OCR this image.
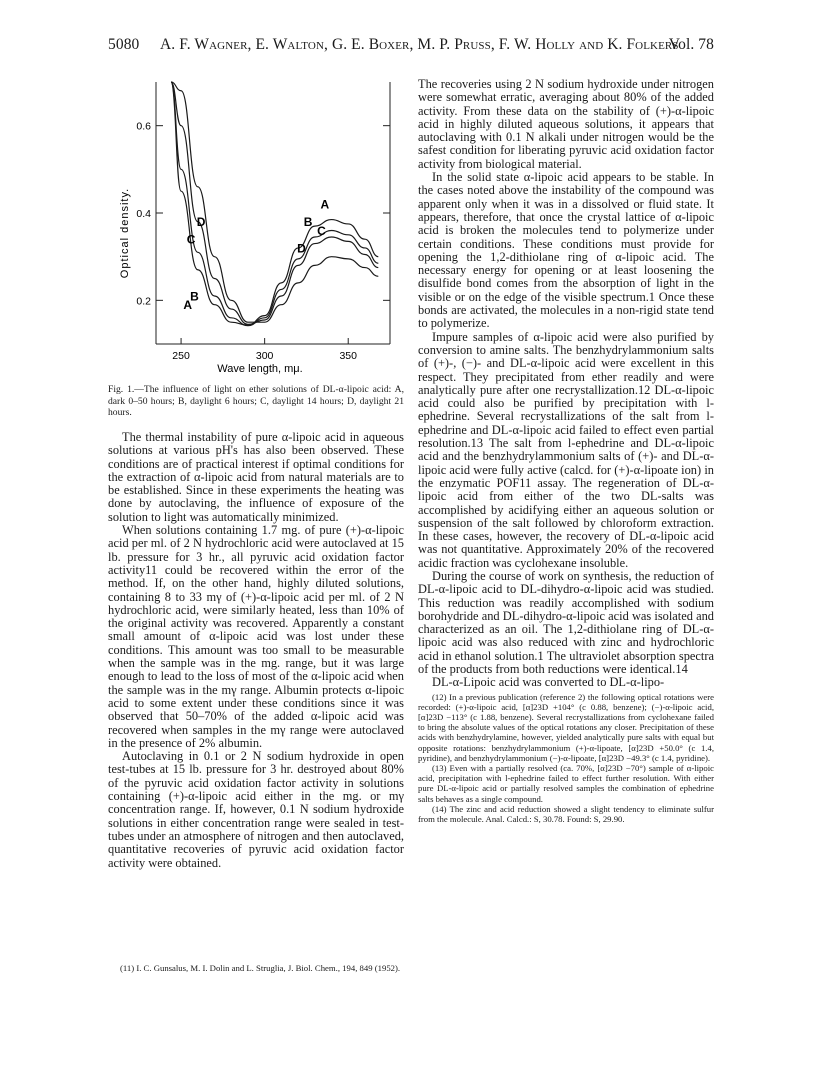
5080 A. F. Wagner, E. Walton, G. E. Boxer, M. P. Pruss, F. W. Holly and K. Folkers
Vol. 78
250	300	350
0.2
0.4
0.6
A
B
C
D
D
C
B
A
Optical density.
Wave length, mμ.
Fig. 1.—The influence of light on ether solutions of DL-α-lipoic acid: A, dark 0–50 hours; B, daylight 6 hours; C, daylight 14 hours; D, daylight 21 hours.

The thermal instability of pure α-lipoic acid in aqueous solutions at various pH's has also been observed. These conditions are of practical interest if optimal conditions for the extraction of α-lipoic acid from natural materials are to be established. Since in these experiments the heating was done by autoclaving, the influence of exposure of the solution to light was automatically minimized.

When solutions containing 1.7 mg. of pure (+)-α-lipoic acid per ml. of 2 N hydrochloric acid were autoclaved at 15 lb. pressure for 3 hr., all pyruvic acid oxidation factor activity11 could be recovered within the error of the method. If, on the other hand, highly diluted solutions, containing 8 to 33 mγ of (+)-α-lipoic acid per ml. of 2 N hydrochloric acid, were similarly heated, less than 10% of the original activity was recovered. Apparently a constant small amount of α-lipoic acid was lost under these conditions. This amount was too small to be measurable when the sample was in the mg. range, but it was large enough to lead to the loss of most of the α-lipoic acid when the sample was in the mγ range. Albumin protects α-lipoic acid to some extent under these conditions since it was observed that 50–70% of the added α-lipoic acid was recovered when samples in the mγ range were autoclaved in the presence of 2% albumin.

Autoclaving in 0.1 or 2 N sodium hydroxide in open test-tubes at 15 lb. pressure for 3 hr. destroyed about 80% of the pyruvic acid oxidation factor activity in solutions containing (+)-α-lipoic acid either in the mg. or mγ concentration range. If, however, 0.1 N sodium hydroxide solutions in either concentration range were sealed in test-tubes under an atmosphere of nitrogen and then autoclaved, quantitative recoveries of pyruvic acid oxidation factor activity were obtained.

(11) I. C. Gunsalus, M. I. Dolin and L. Struglia, J. Biol. Chem., 194, 849 (1952).

The recoveries using 2 N sodium hydroxide under nitrogen were somewhat erratic, averaging about 80% of the added activity. From these data on the stability of (+)-α-lipoic acid in highly diluted aqueous solutions, it appears that autoclaving with 0.1 N alkali under nitrogen would be the safest condition for liberating pyruvic acid oxidation factor activity from biological material.

In the solid state α-lipoic acid appears to be stable. In the cases noted above the instability of the compound was apparent only when it was in a dissolved or fluid state. It appears, therefore, that once the crystal lattice of α-lipoic acid is broken the molecules tend to polymerize under certain conditions. These conditions must provide for opening the 1,2-dithiolane ring of α-lipoic acid. The necessary energy for opening or at least loosening the disulfide bond comes from the absorption of light in the visible or on the edge of the visible spectrum.1 Once these bonds are activated, the molecules in a non-rigid state tend to polymerize.

Impure samples of α-lipoic acid were also purified by conversion to amine salts. The benzhydrylammonium salts of (+)-, (−)- and DL-α-lipoic acid were excellent in this respect. They precipitated from ether readily and were analytically pure after one recrystallization.12 DL-α-lipoic acid could also be purified by precipitation with l-ephedrine. Several recrystallizations of the salt from l-ephedrine and DL-α-lipoic acid failed to effect even partial resolution.13 The salt from l-ephedrine and DL-α-lipoic acid and the benzhydrylammonium salts of (+)- and DL-α-lipoic acid were fully active (calcd. for (+)-α-lipoate ion) in the enzymatic POF11 assay. The regeneration of DL-α-lipoic acid from either of the two DL-salts was accomplished by acidifying either an aqueous solution or suspension of the salt followed by chloroform extraction. In these cases, however, the recovery of DL-α-lipoic acid was not quantitative. Approximately 20% of the recovered acidic fraction was cyclohexane insoluble.

During the course of work on synthesis, the reduction of DL-α-lipoic acid to DL-dihydro-α-lipoic acid was studied. This reduction was readily accomplished with sodium borohydride and DL-dihydro-α-lipoic acid was isolated and characterized as an oil. The 1,2-dithiolane ring of DL-α-lipoic acid was also reduced with zinc and hydrochloric acid in ethanol solution.1 The ultraviolet absorption spectra of the products from both reductions were identical.14

DL-α-Lipoic acid was converted to DL-α-lipo-

(12) In a previous publication (reference 2) the following optical rotations were recorded: (+)-α-lipoic acid, [α]23D +104° (c 0.88, benzene); (−)-α-lipoic acid, [α]23D −113° (c 1.88, benzene). Several recrystallizations from cyclohexane failed to bring the absolute values of the optical rotations any closer. Precipitation of these acids with benzhydrylamine, however, yielded analytically pure salts with equal but opposite rotations: benzhydrylammonium (+)-α-lipoate, [α]23D +50.0° (c 1.4, pyridine), and benzhydrylammonium (−)-α-lipoate, [α]23D −49.3° (c 1.4, pyridine).

(13) Even with a partially resolved (ca. 70%, [α]23D −70°) sample of α-lipoic acid, precipitation with l-ephedrine failed to effect further resolution. With either pure DL-α-lipoic acid or partially resolved samples the combination of ephedrine salts behaves as a single compound.

(14) The zinc and acid reduction showed a slight tendency to eliminate sulfur from the molecule. Anal. Calcd.: S, 30.78. Found: S, 29.90.
